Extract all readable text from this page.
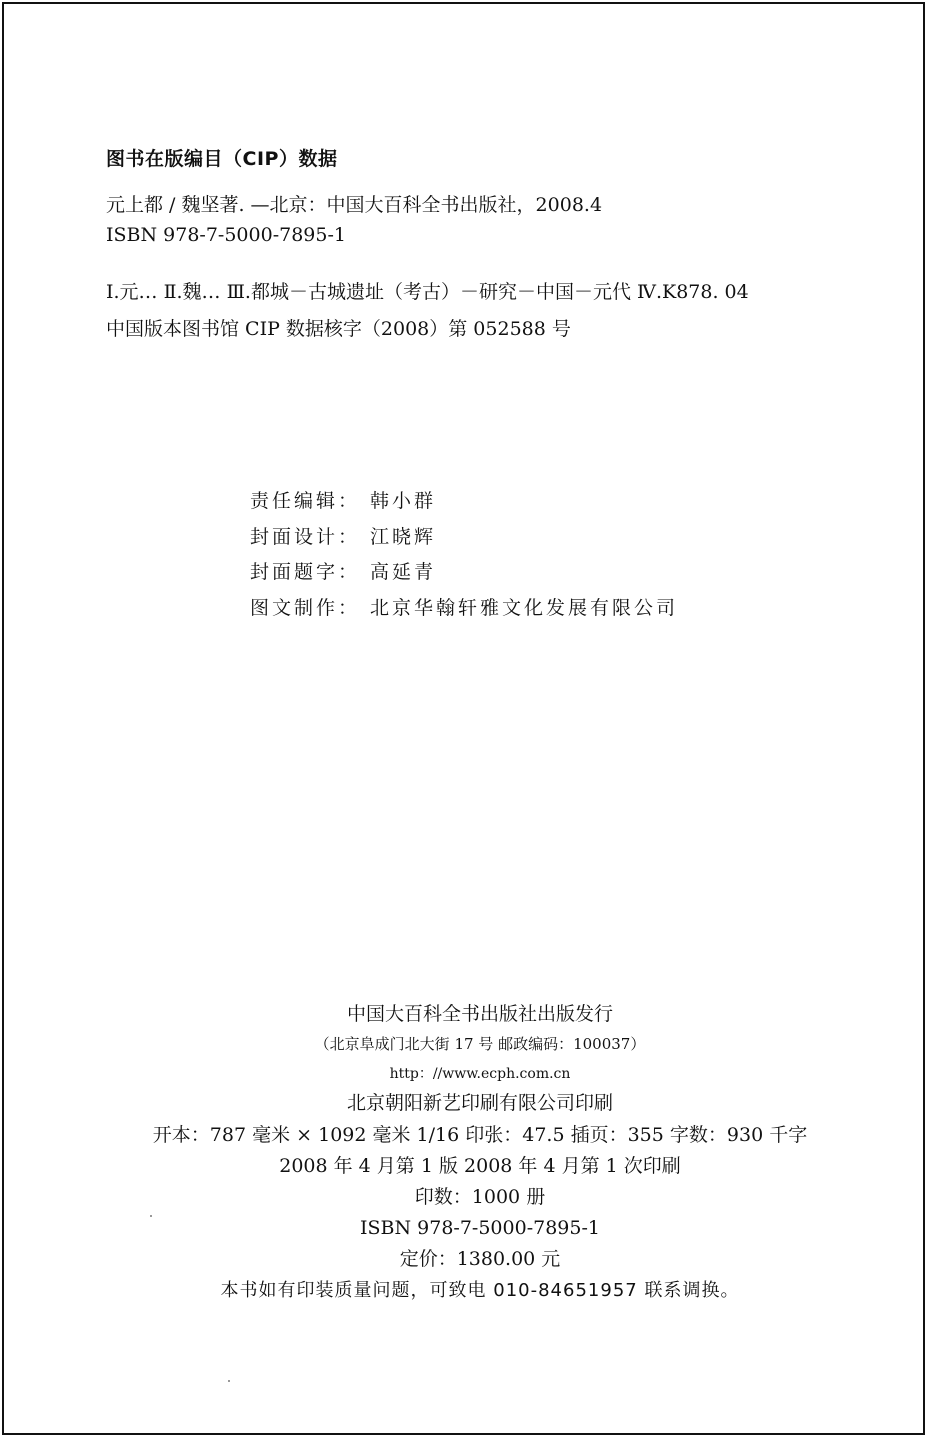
图书在版编目（CIP）数据
元上都 / 魏坚著. —北京：中国大百科全书出版社，2008.4
ISBN 978-7-5000-7895-1
Ⅰ.元… Ⅱ.魏… Ⅲ.都城－古城遗址（考古）－研究－中国－元代 Ⅳ.K878. 04
中国版本图书馆 CIP 数据核字（2008）第 052588 号
责任编辑： 韩小群
封面设计： 江晓辉
封面题字： 高延青
图文制作： 北京华翰轩雅文化发展有限公司
中国大百科全书出版社出版发行
（北京阜成门北大街 17 号 邮政编码：100037）
http：//www.ecph.com.cn
北京朝阳新艺印刷有限公司印刷
开本：787 毫米 × 1092 毫米 1/16 印张：47.5 插页：355 字数：930 千字
2008 年 4 月第 1 版 2008 年 4 月第 1 次印刷
印数：1000 册
ISBN 978-7-5000-7895-1
定价：1380.00 元
本书如有印装质量问题，可致电 010-84651957 联系调换。
